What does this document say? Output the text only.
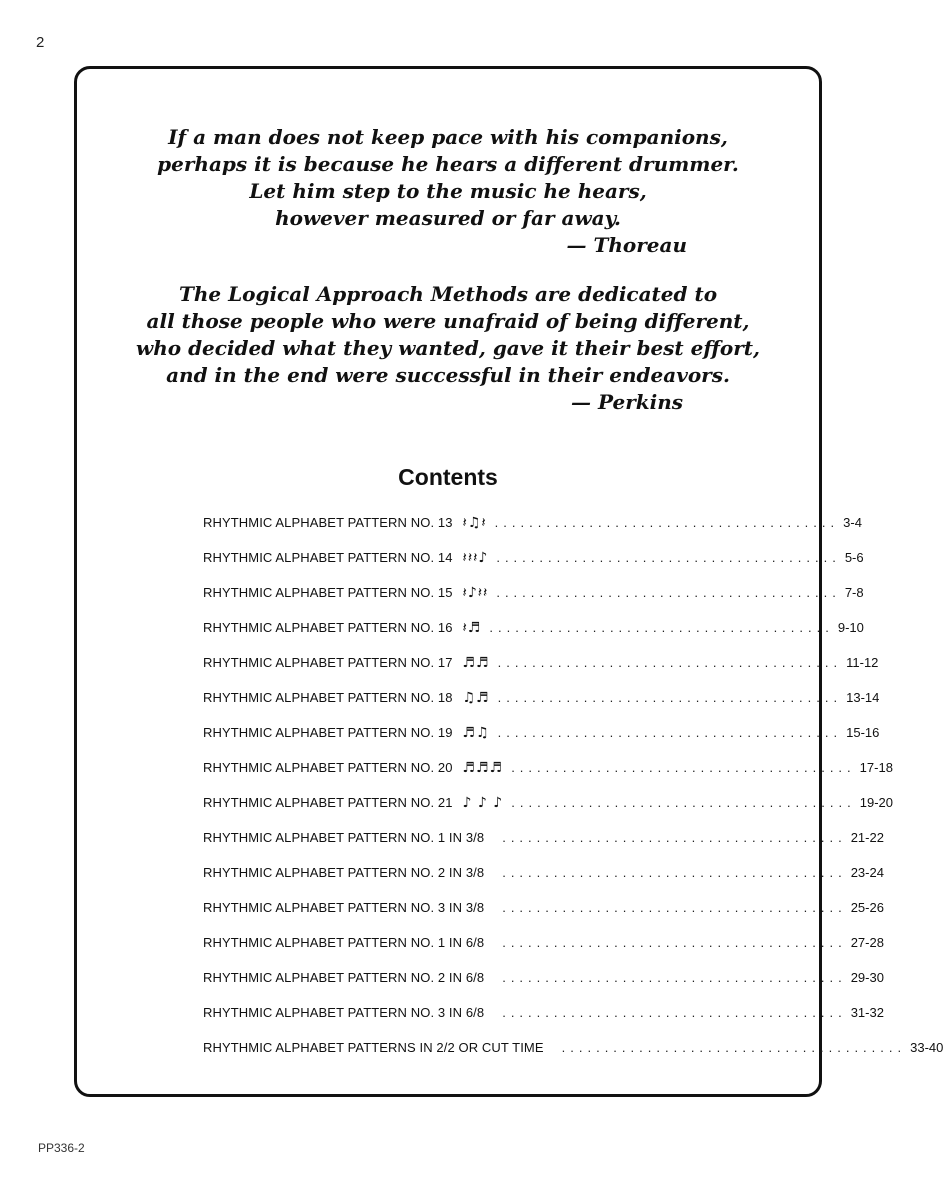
2
If a man does not keep pace with his companions,
perhaps it is because he hears a different drummer.
Let him step to the music he hears,
however measured or far away.
— Thoreau
The Logical Approach Methods are dedicated to
all those people who were unafraid of being different,
who decided what they wanted, gave it their best effort,
and in the end were successful in their endeavors.
— Perkins
Contents
RHYTHMIC ALPHABET PATTERN NO. 13 𝄽♫𝄽 ........................................ 3-4
RHYTHMIC ALPHABET PATTERN NO. 14 𝄽𝄽𝄽♪ ........................................ 5-6
RHYTHMIC ALPHABET PATTERN NO. 15 𝄽♪𝄽𝄽 ........................................ 7-8
RHYTHMIC ALPHABET PATTERN NO. 16 𝄽♬ ........................................ 9-10
RHYTHMIC ALPHABET PATTERN NO. 17 ♬♬ ........................................ 11-12
RHYTHMIC ALPHABET PATTERN NO. 18 ♫♬ ........................................ 13-14
RHYTHMIC ALPHABET PATTERN NO. 19 ♬♫ ........................................ 15-16
RHYTHMIC ALPHABET PATTERN NO. 20 ♬♬♬ ........................................ 17-18
RHYTHMIC ALPHABET PATTERN NO. 21 ♪ ♪ ♪ ........................................ 19-20
RHYTHMIC ALPHABET PATTERN NO. 1 IN 3/8 ........................................ 21-22
RHYTHMIC ALPHABET PATTERN NO. 2 IN 3/8 ........................................ 23-24
RHYTHMIC ALPHABET PATTERN NO. 3 IN 3/8 ........................................ 25-26
RHYTHMIC ALPHABET PATTERN NO. 1 IN 6/8 ........................................ 27-28
RHYTHMIC ALPHABET PATTERN NO. 2 IN 6/8 ........................................ 29-30
RHYTHMIC ALPHABET PATTERN NO. 3 IN 6/8 ........................................ 31-32
RHYTHMIC ALPHABET PATTERNS IN 2/2 OR CUT TIME ........................................ 33-40
PP336-2
